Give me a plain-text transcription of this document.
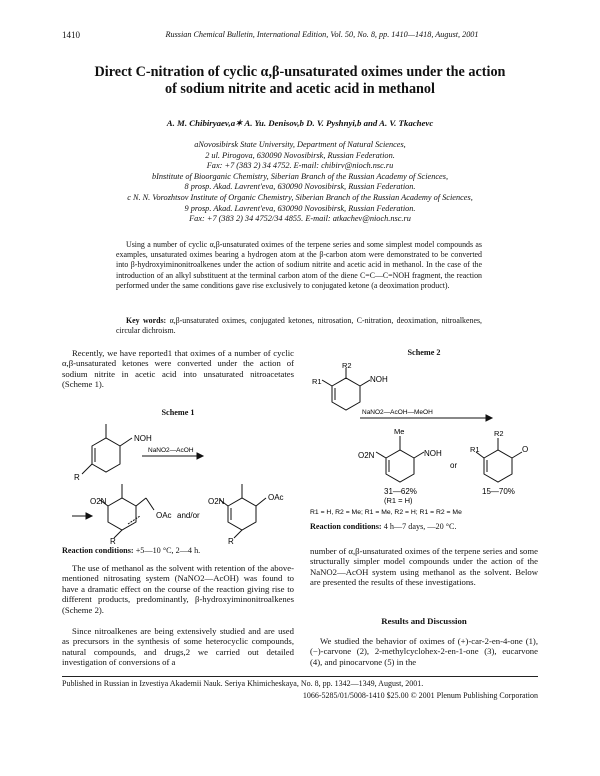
1410	Russian Chemical Bulletin, International Edition, Vol. 50, No. 8, pp. 1410—1418, August, 2001
Direct C-nitration of cyclic α,β-unsaturated oximes under the action
of sodium nitrite and acetic acid in methanol
A. M. Chibiryaev,a✶ A. Yu. Denisov,b D. V. Pyshnyi,b and A. V. Tkachevc
aNovosibirsk State University, Department of Natural Sciences,
2 ul. Pirogova, 630090 Novosibirsk, Russian Federation.
Fax: +7 (383 2) 34 4752. E-mail: chibirv@nioch.nsc.ru
bInstitute of Bioorganic Chemistry, Siberian Branch of the Russian Academy of Sciences,
8 prosp. Akad. Lavrent'eva, 630090 Novosibirsk, Russian Federation.
c N. N. Vorozhtsov Institute of Organic Chemistry, Siberian Branch of the Russian Academy of Sciences,
9 prosp. Akad. Lavrent'eva, 630090 Novosibirsk, Russian Federation.
Fax: +7 (383 2) 34 4752/34 4855. E-mail: atkachev@nioch.nsc.ru
Using a number of cyclic α,β-unsaturated oximes of the terpene series and some simplest model compounds as examples, unsaturated oximes bearing a hydrogen atom at the β-carbon atom were demonstrated to be converted into β-hydroxyiminonitroalkenes under the action of sodium nitrite and acetic acid in methanol. In the case of the introduction of an alkyl substituent at the terminal carbon atom of the diene C=C—C=NOH fragment, the reaction performed under the same conditions gave rise exclusively to conjugated ketone (a deoximation product).
Key words: α,β-unsaturated oximes, conjugated ketones, nitrosation, C-nitration, deoximation, nitroalkenes, circular dichroism.
Recently, we have reported1 that oximes of a number of cyclic α,β-unsaturated ketones were converted under the action of sodium nitrite in acetic acid into unsaturated nitroacetates (Scheme 1).
Scheme 1
NOH
R
NaNO2—AcOH
O2N
OAc
R
and/or
O2N	OAc
R
Reaction conditions: +5—10 °C, 2—4 h.
The use of methanol as the solvent with retention of the above-mentioned nitrosating system (NaNO2—AcOH) was found to have a dramatic effect on the course of the reaction giving rise to different products, predominantly, β-hydroxyiminonitroalkenes (Scheme 2).
Since nitroalkenes are being extensively studied and are used as precursors in the synthesis of some heterocyclic compounds, natural compounds, and drugs,2 we carried out detailed investigation of conversions of a
Scheme 2
R1
R2
NOH
NaNO2—AcOH—MeOH
Me
O2N	NOH
or
R1
R2
O
31—62%
(R1 = H)
15—70%
R1 = H, R2 = Me; R1 = Me, R2 = H; R1 = R2 = Me
Reaction conditions: 4 h—7 days, —20 °C.
number of α,β-unsaturated oximes of the terpene series and some structurally simpler model compounds under the action of the NaNO2—AcOH system using methanol as the solvent. Below are presented the results of these investigations.
Results and Discussion
We studied the behavior of oximes of (+)-car-2-en-4-one (1), (−)-carvone (2), 2-methylcyclohex-2-en-1-one (3), eucarvone (4), and pinocarvone (5) in the
Published in Russian in Izvestiya Akademii Nauk. Seriya Khimicheskaya, No. 8, pp. 1342—1349, August, 2001.
1066-5285/01/5008-1410 $25.00 © 2001 Plenum Publishing Corporation
